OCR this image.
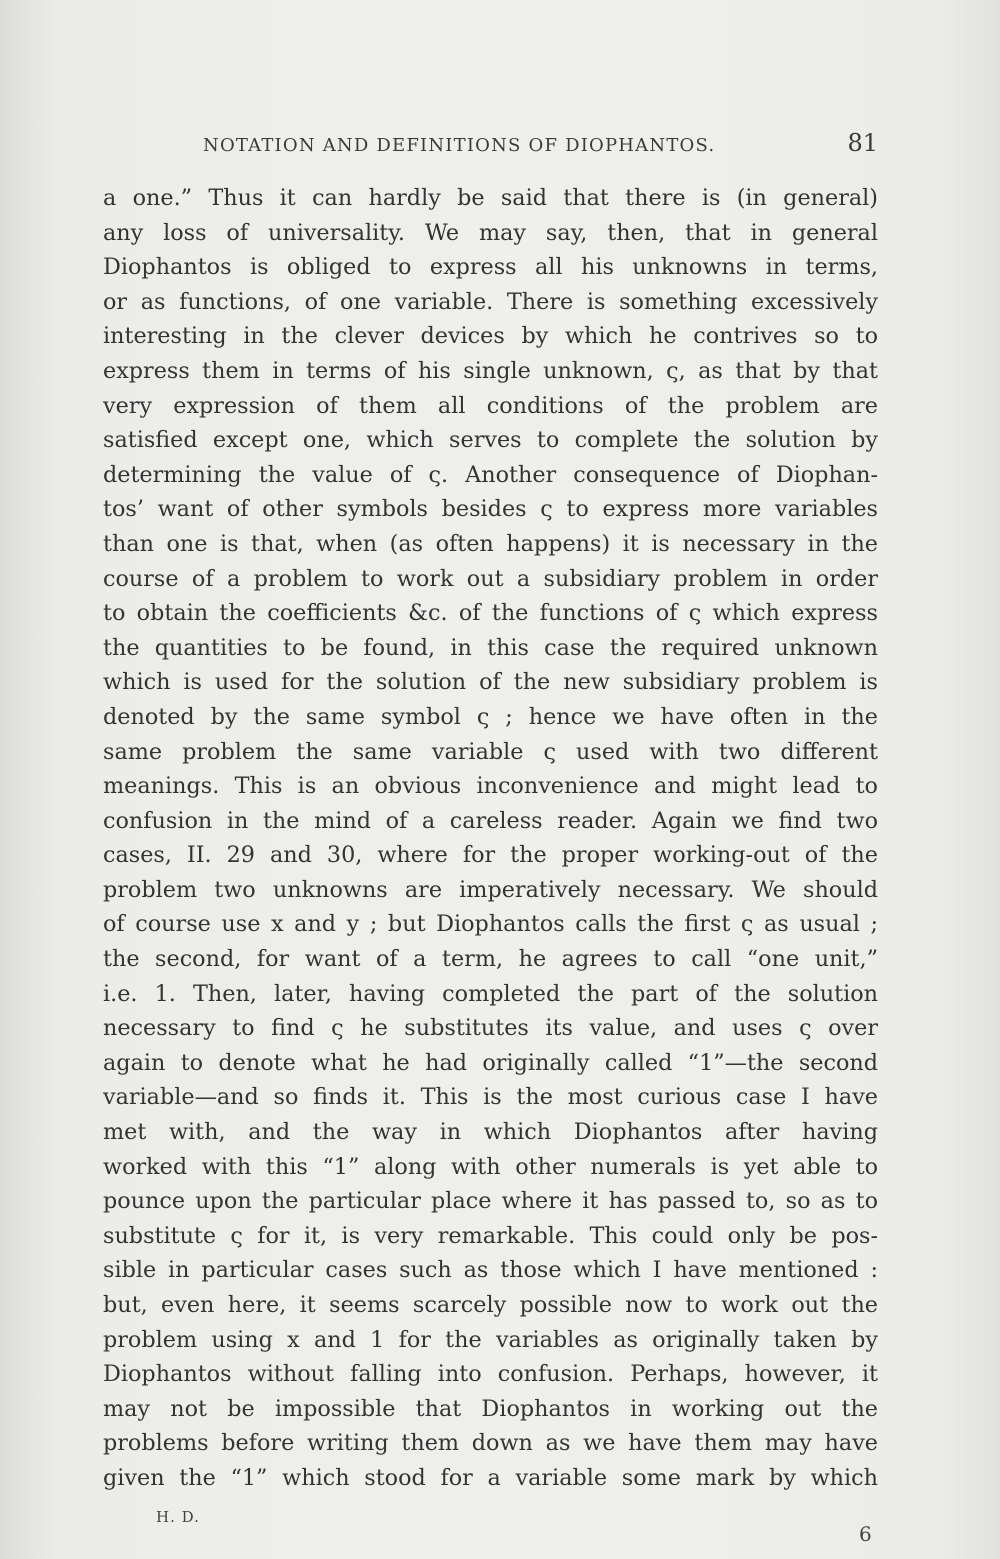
NOTATION AND DEFINITIONS OF DIOPHANTOS.	81
a one.” Thus it can hardly be said that there is (in general)
any loss of universality. We may say, then, that in general
Diophantos is obliged to express all his unknowns in terms,
or as functions, of one variable. There is something excessively
interesting in the clever devices by which he contrives so to
express them in terms of his single unknown, ς, as that by that
very expression of them all conditions of the problem are
satisfied except one, which serves to complete the solution by
determining the value of ς. Another consequence of Diophan-
tos’ want of other symbols besides ς to express more variables
than one is that, when (as often happens) it is necessary in the
course of a problem to work out a subsidiary problem in order
to obtain the coefficients &c. of the functions of ς which express
the quantities to be found, in this case the required unknown
which is used for the solution of the new subsidiary problem is
denoted by the same symbol ς ; hence we have often in the
same problem the same variable ς used with two different
meanings. This is an obvious inconvenience and might lead to
confusion in the mind of a careless reader. Again we find two
cases, II. 29 and 30, where for the proper working-out of the
problem two unknowns are imperatively necessary. We should
of course use x and y ; but Diophantos calls the first ς as usual ;
the second, for want of a term, he agrees to call “one unit,”
i.e. 1. Then, later, having completed the part of the solution
necessary to find ς he substitutes its value, and uses ς over
again to denote what he had originally called “1”—the second
variable—and so finds it. This is the most curious case I have
met with, and the way in which Diophantos after having
worked with this “1” along with other numerals is yet able to
pounce upon the particular place where it has passed to, so as to
substitute ς for it, is very remarkable. This could only be pos-
sible in particular cases such as those which I have mentioned :
but, even here, it seems scarcely possible now to work out the
problem using x and 1 for the variables as originally taken by
Diophantos without falling into confusion. Perhaps, however, it
may not be impossible that Diophantos in working out the
problems before writing them down as we have them may have
given the “1” which stood for a variable some mark by which
H. D.
6
